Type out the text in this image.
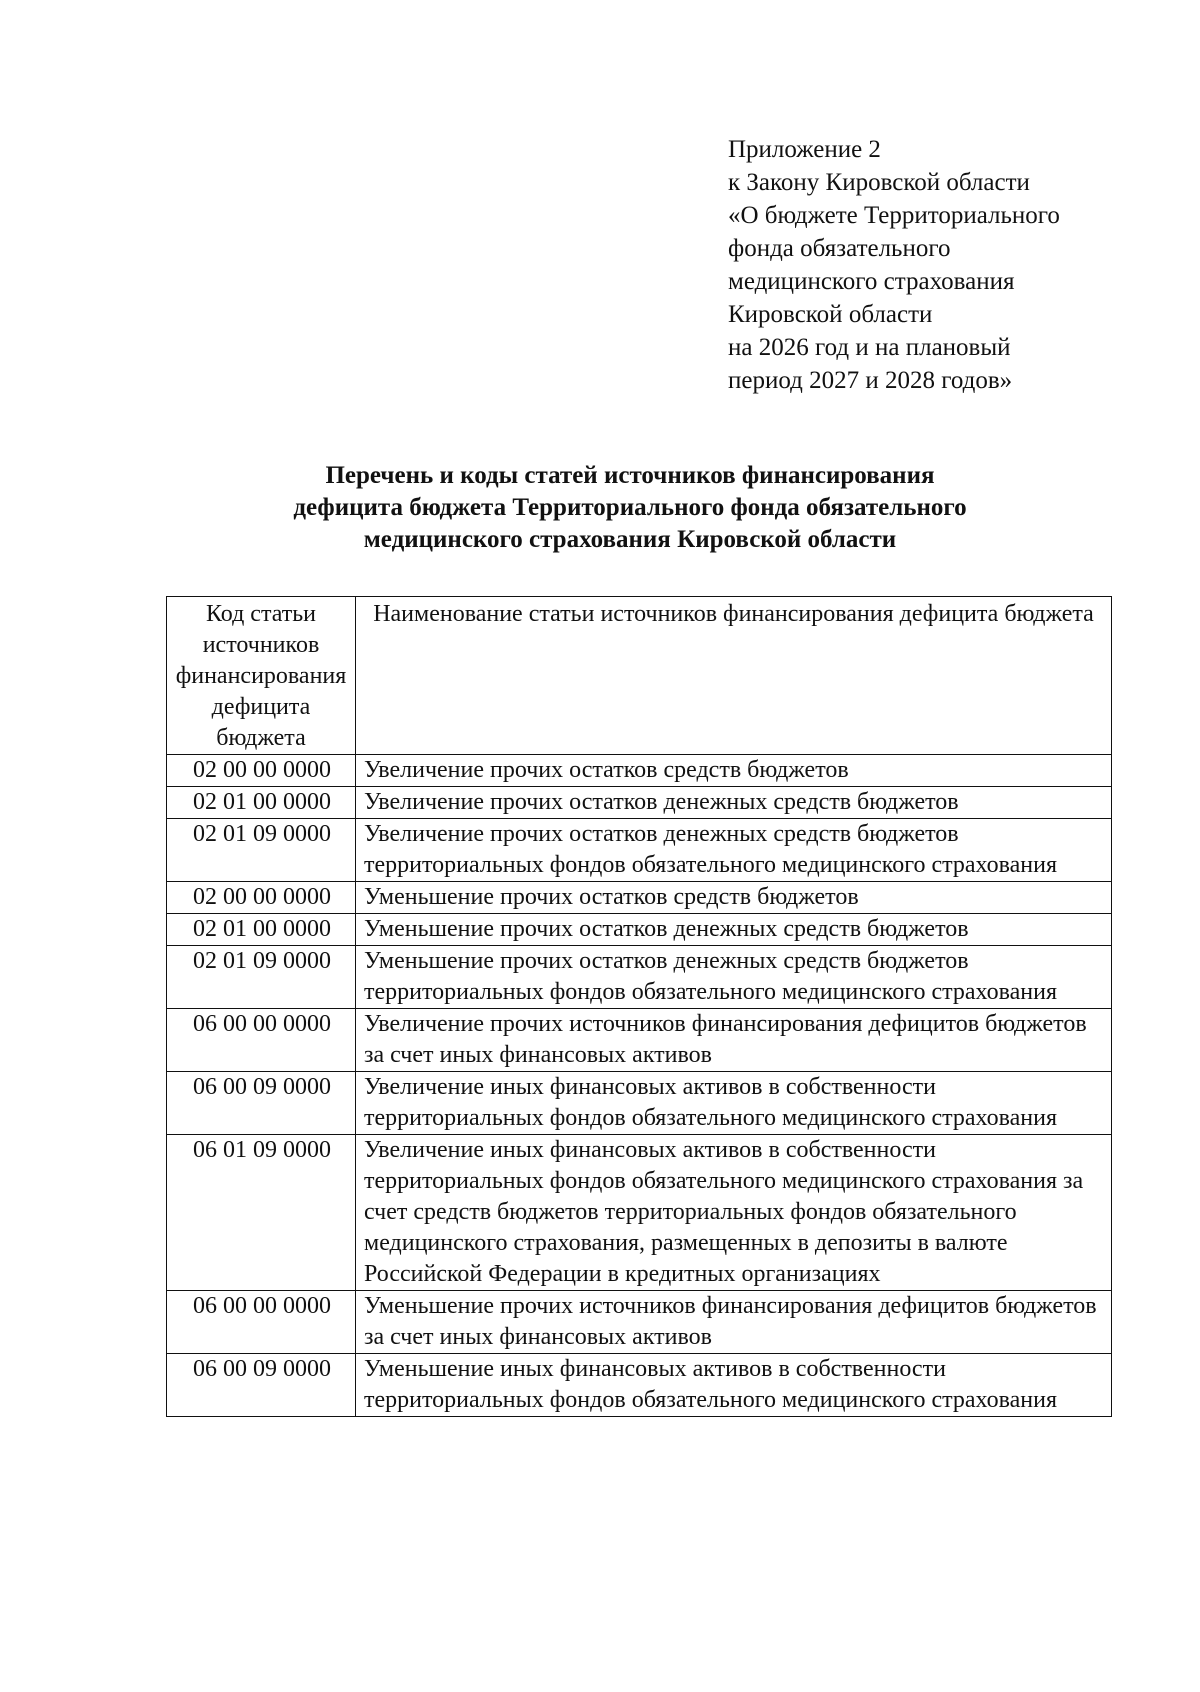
Приложение 2
к Закону Кировской области
«О бюджете Территориального
фонда обязательного
медицинского страхования
Кировской области
на 2026 год и на плановый
период 2027 и 2028 годов»
Перечень и коды статей источников финансирования
дефицита бюджета Территориального фонда обязательного
медицинского страхования Кировской области
Код статьи источников финансирования дефицита бюджета	Наименование статьи источников финансирования дефицита бюджета
02 00 00 0000	Увеличение прочих остатков средств бюджетов
02 01 00 0000	Увеличение прочих остатков денежных средств бюджетов
02 01 09 0000	Увеличение прочих остатков денежных средств бюджетов территориальных фондов обязательного медицинского страхования
02 00 00 0000	Уменьшение прочих остатков средств бюджетов
02 01 00 0000	Уменьшение прочих остатков денежных средств бюджетов
02 01 09 0000	Уменьшение прочих остатков денежных средств бюджетов территориальных фондов обязательного медицинского страхования
06 00 00 0000	Увеличение прочих источников финансирования дефицитов бюджетов за счет иных финансовых активов
06 00 09 0000	Увеличение иных финансовых активов в собственности территориальных фондов обязательного медицинского страхования
06 01 09 0000	Увеличение иных финансовых активов в собственности территориальных фондов обязательного медицинского страхования за счет средств бюджетов территориальных фондов обязательного медицинского страхования, размещенных в депозиты в валюте Российской Федерации в кредитных организациях
06 00 00 0000	Уменьшение прочих источников финансирования дефицитов бюджетов за счет иных финансовых активов
06 00 09 0000	Уменьшение иных финансовых активов в собственности территориальных фондов обязательного медицинского страхования
